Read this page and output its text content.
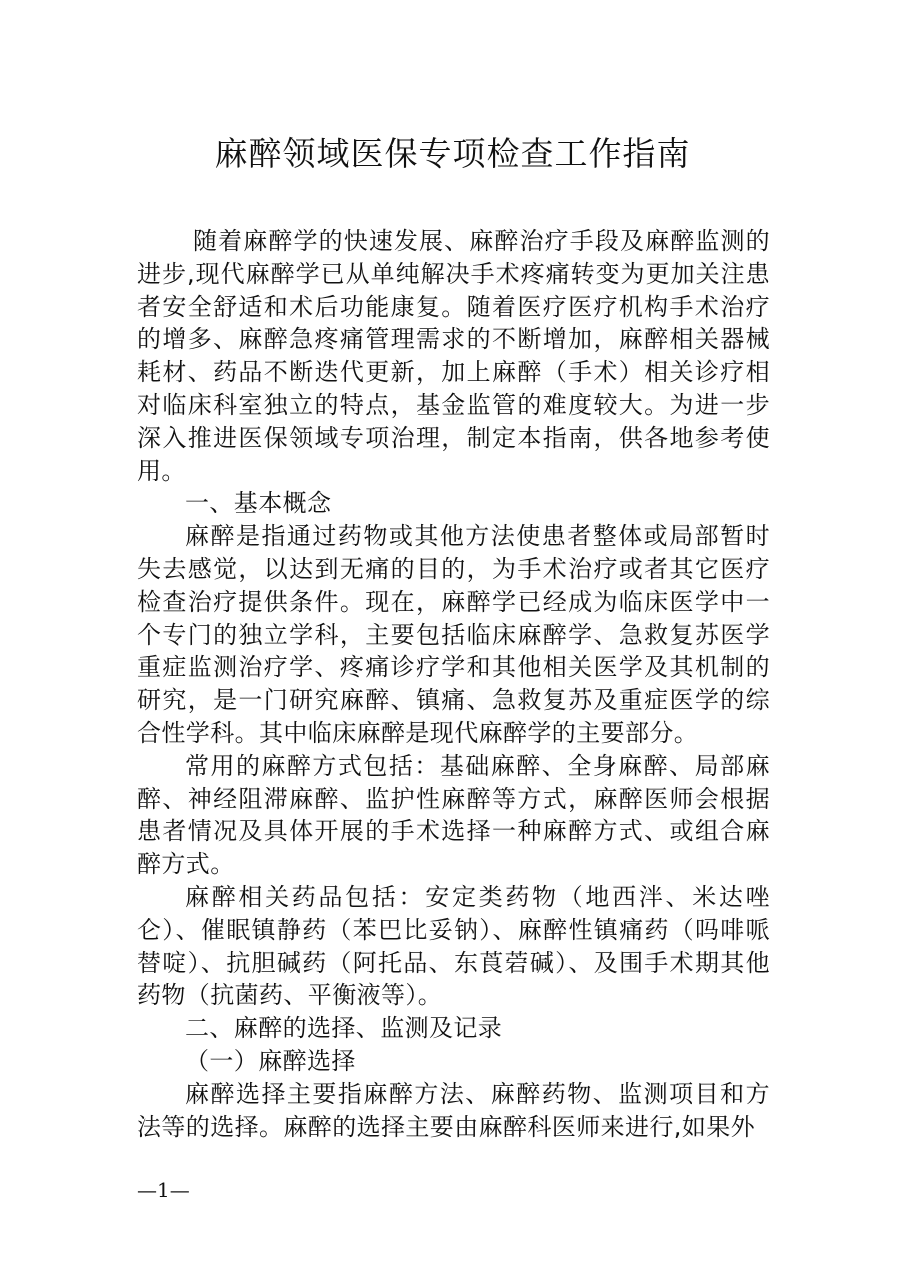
麻醉领域医保专项检查工作指南

随着麻醉学的快速发展、麻醉治疗手段及麻醉监测的进步,现代麻醉学已从单纯解决手术疼痛转变为更加关注患者安全舒适和术后功能康复。随着医疗医疗机构手术治疗的增多、麻醉急疼痛管理需求的不断增加，麻醉相关器械耗材、药品不断迭代更新，加上麻醉（手术）相关诊疗相对临床科室独立的特点，基金监管的难度较大。为进一步深入推进医保领域专项治理，制定本指南，供各地参考使用。

一、基本概念

麻醉是指通过药物或其他方法使患者整体或局部暂时失去感觉，以达到无痛的目的，为手术治疗或者其它医疗检查治疗提供条件。现在，麻醉学已经成为临床医学中一个专门的独立学科，主要包括临床麻醉学、急救复苏医学重症监测治疗学、疼痛诊疗学和其他相关医学及其机制的研究，是一门研究麻醉、镇痛、急救复苏及重症医学的综合性学科。其中临床麻醉是现代麻醉学的主要部分。

常用的麻醉方式包括：基础麻醉、全身麻醉、局部麻醉、神经阻滞麻醉、监护性麻醉等方式，麻醉医师会根据患者情况及具体开展的手术选择一种麻醉方式、或组合麻醉方式。

麻醉相关药品包括：安定类药物（地西泮、米达唑仑）、催眠镇静药（苯巴比妥钠）、麻醉性镇痛药（吗啡哌替啶）、抗胆碱药（阿托品、东莨菪碱）、及围手术期其他药物（抗菌药、平衡液等）。

二、麻醉的选择、监测及记录

（一）麻醉选择

麻醉选择主要指麻醉方法、麻醉药物、监测项目和方法等的选择。麻醉的选择主要由麻醉科医师来进行,如果外

—1—
